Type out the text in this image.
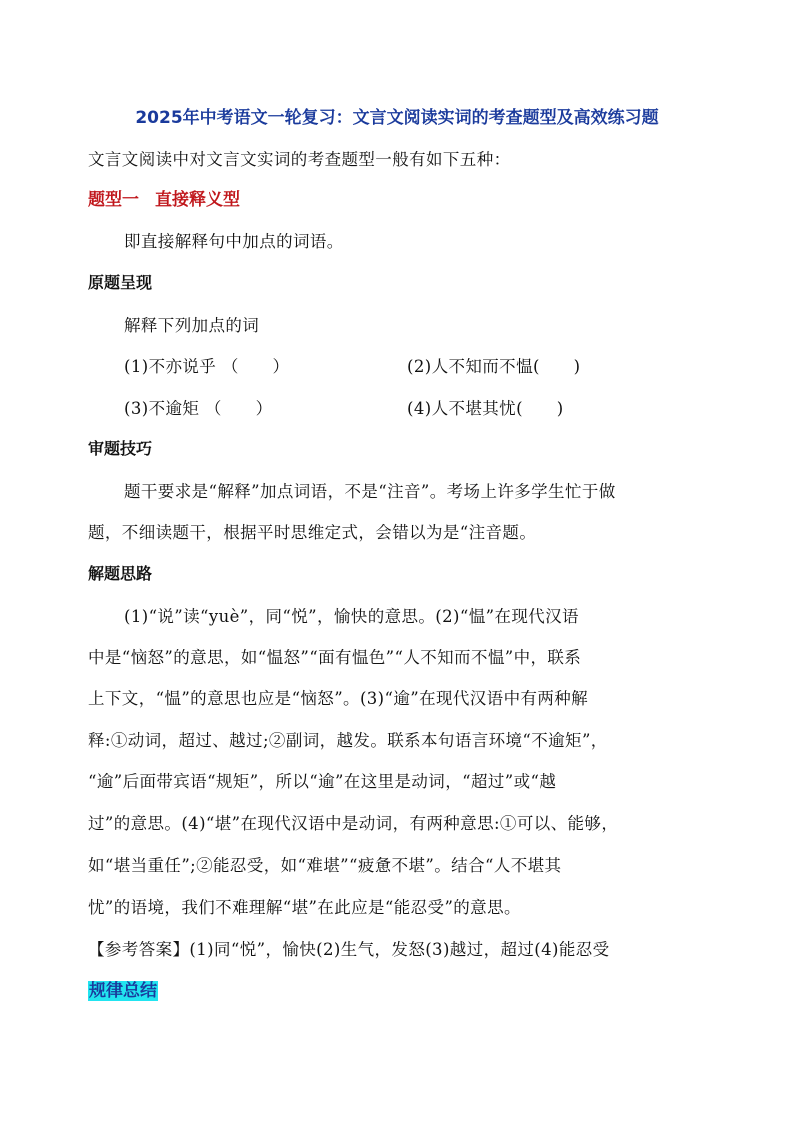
2025年中考语文一轮复习：文言文阅读实词的考查题型及高效练习题
文言文阅读中对文言文实词的考查题型一般有如下五种：
题型一 直接释义型
即直接解释句中加点的词语。
原题呈现
解释下列加点的词
(1)不亦说乎 （　　）	(2)人不知而不愠(　　)
(3)不逾矩 （　　）	(4)人不堪其忧(　　)
审题技巧
题干要求是“解释”加点词语，不是“注音”。考场上许多学生忙于做
题，不细读题干，根据平时思维定式，会错以为是“注音题。
解题思路
(1)“说”读“yuè”，同“悦”，愉快的意思。(2)“愠”在现代汉语
中是“恼怒”的意思，如“愠怒”“面有愠色”“人不知而不愠”中，联系
上下文，“愠”的意思也应是“恼怒”。(3)“逾”在现代汉语中有两种解
释:①动词，超过、越过;②副词，越发。联系本句语言环境“不逾矩”，
“逾”后面带宾语“规矩”，所以“逾”在这里是动词，“超过”或“越
过”的意思。(4)“堪”在现代汉语中是动词，有两种意思:①可以、能够，
如“堪当重任”;②能忍受，如“难堪”“疲惫不堪”。结合“人不堪其
忧”的语境，我们不难理解“堪”在此应是“能忍受”的意思。
【参考答案】(1)同“悦”，愉快(2)生气，发怒(3)越过，超过(4)能忍受
规律总结
